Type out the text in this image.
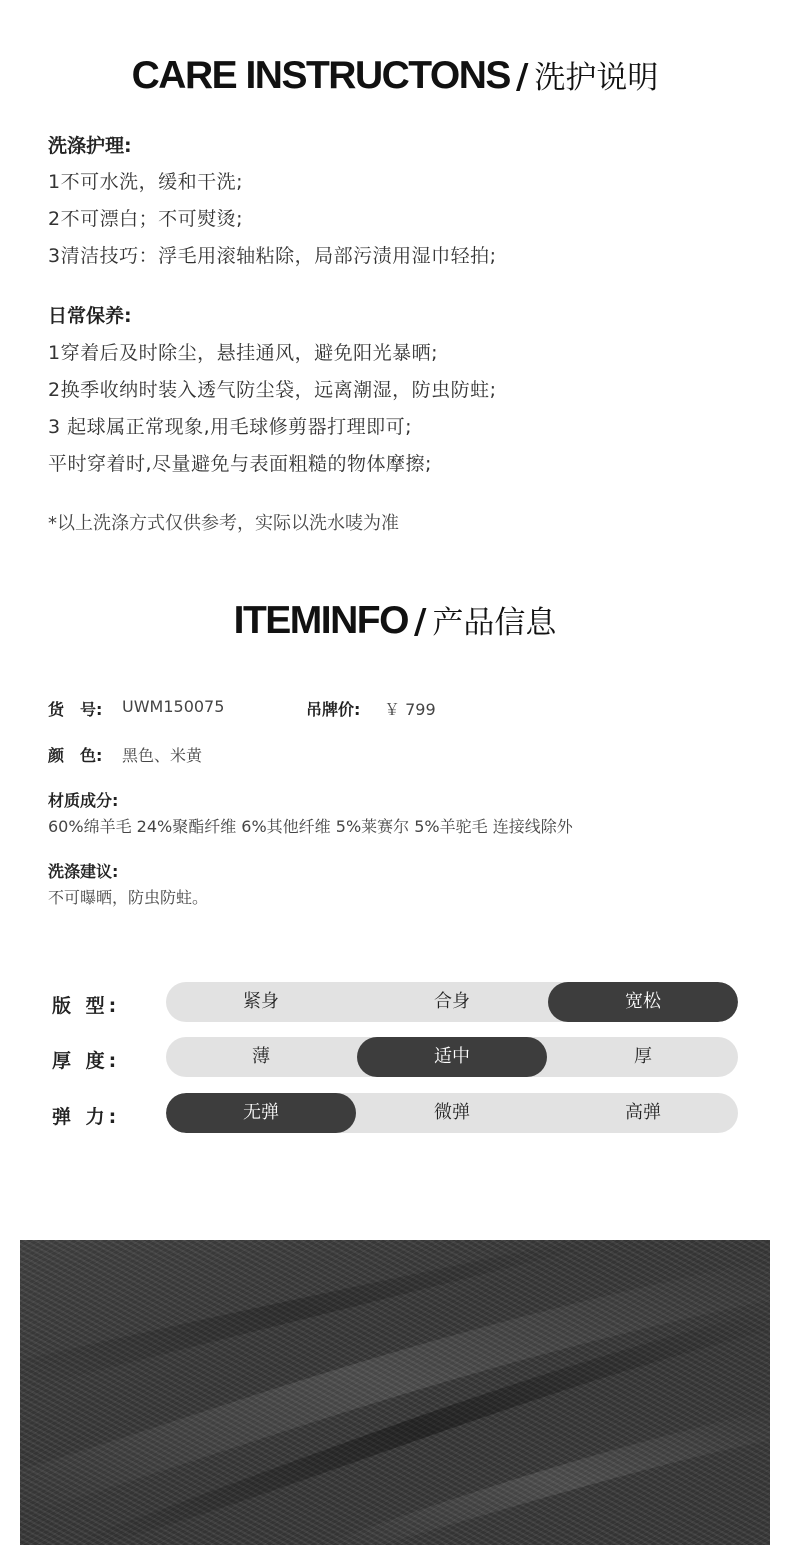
CARE INSTRUCTONS / 洗护说明
洗涤护理:
1不可水洗，缓和干洗;
2不可漂白；不可熨烫;
3清洁技巧：浮毛用滚轴粘除，局部污渍用湿巾轻拍;
日常保养:
1穿着后及时除尘，悬挂通风，避免阳光暴晒;
2换季收纳时装入透气防尘袋，远离潮湿，防虫防蛀;
3 起球属正常现象,用毛球修剪器打理即可;
平时穿着时,尽量避免与表面粗糙的物体摩擦;
*以上洗涤方式仅供参考，实际以洗水唛为准
ITEMINFO / 产品信息
货　号: UWM150075	吊牌价: ￥ 799
颜　色: 黑色、米黄
材质成分:
60%绵羊毛 24%聚酯纤维 6%其他纤维 5%莱赛尔 5%羊驼毛 连接线除外
洗涤建议:
不可曝晒，防虫防蛀。
版 型:	紧身	合身	宽松
厚 度:	薄	适中	厚
弹 力:	无弹	微弹	高弹
